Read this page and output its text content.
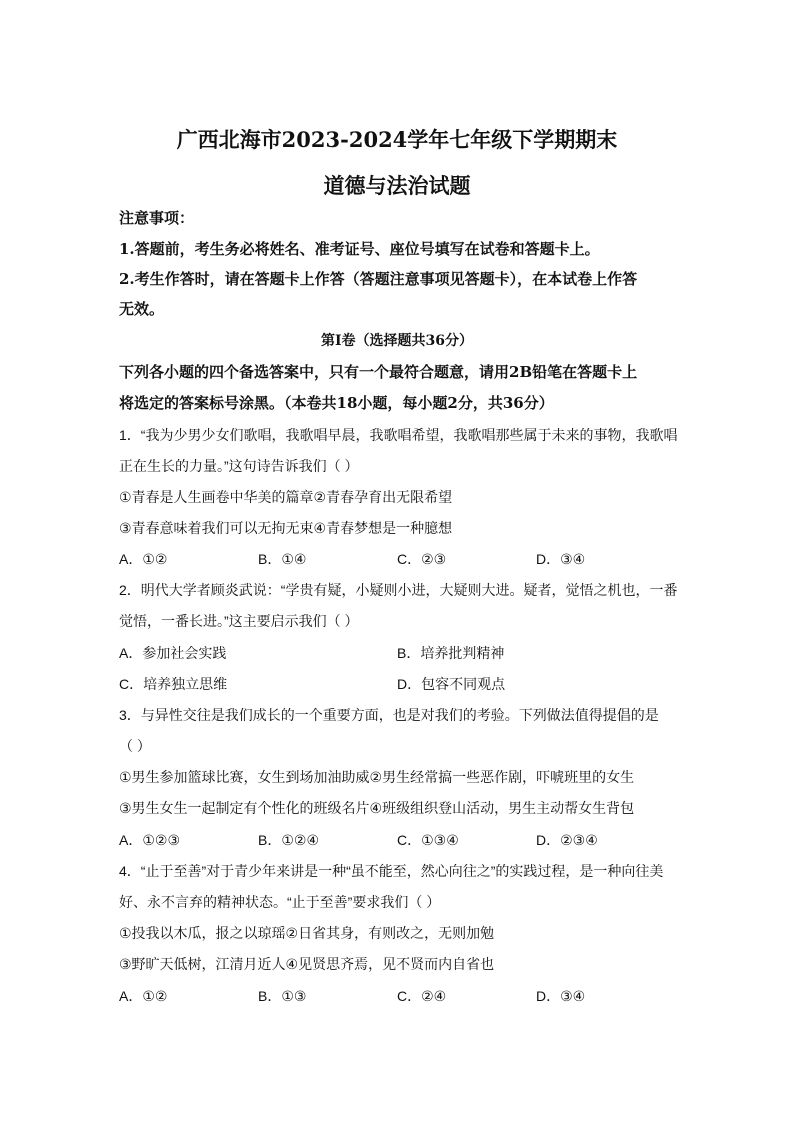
广西北海市2023-2024学年七年级下学期期末
道德与法治试题
注意事项：
1.答题前，考生务必将姓名、准考证号、座位号填写在试卷和答题卡上。
2.考生作答时，请在答题卡上作答（答题注意事项见答题卡），在本试卷上作答
无效。
第Ⅰ卷（选择题共36分）
下列各小题的四个备选答案中，只有一个最符合题意，请用2B铅笔在答题卡上
将选定的答案标号涂黑。（本卷共18小题，每小题2分，共36分）
1．“我为少男少女们歌唱，我歌唱早晨，我歌唱希望，我歌唱那些属于未来的事物，我歌唱
正在生长的力量。”这句诗告诉我们（ ）
①青春是人生画卷中华美的篇章②青春孕育出无限希望
③青春意味着我们可以无拘无束④青春梦想是一种臆想
A．①②	B．①④	C．②③	D．③④
2．明代大学者顾炎武说：“学贵有疑，小疑则小进，大疑则大进。疑者，觉悟之机也，一番
觉悟，一番长进。”这主要启示我们（ ）
A．参加社会实践	B．培养批判精神
C．培养独立思维	D．包容不同观点
3．与异性交往是我们成长的一个重要方面，也是对我们的考验。下列做法值得提倡的是
（ ）
①男生参加篮球比赛，女生到场加油助威②男生经常搞一些恶作剧，吓唬班里的女生
③男生女生一起制定有个性化的班级名片④班级组织登山活动，男生主动帮女生背包
A．①②③	B．①②④	C．①③④	D．②③④
4．“止于至善”对于青少年来讲是一种“虽不能至，然心向往之”的实践过程，是一种向往美
好、永不言弃的精神状态。“止于至善”要求我们（ ）
①投我以木瓜，报之以琼瑶②日省其身，有则改之，无则加勉
③野旷天低树，江清月近人④见贤思齐焉，见不贤而内自省也
A．①②	B．①③	C．②④	D．③④
